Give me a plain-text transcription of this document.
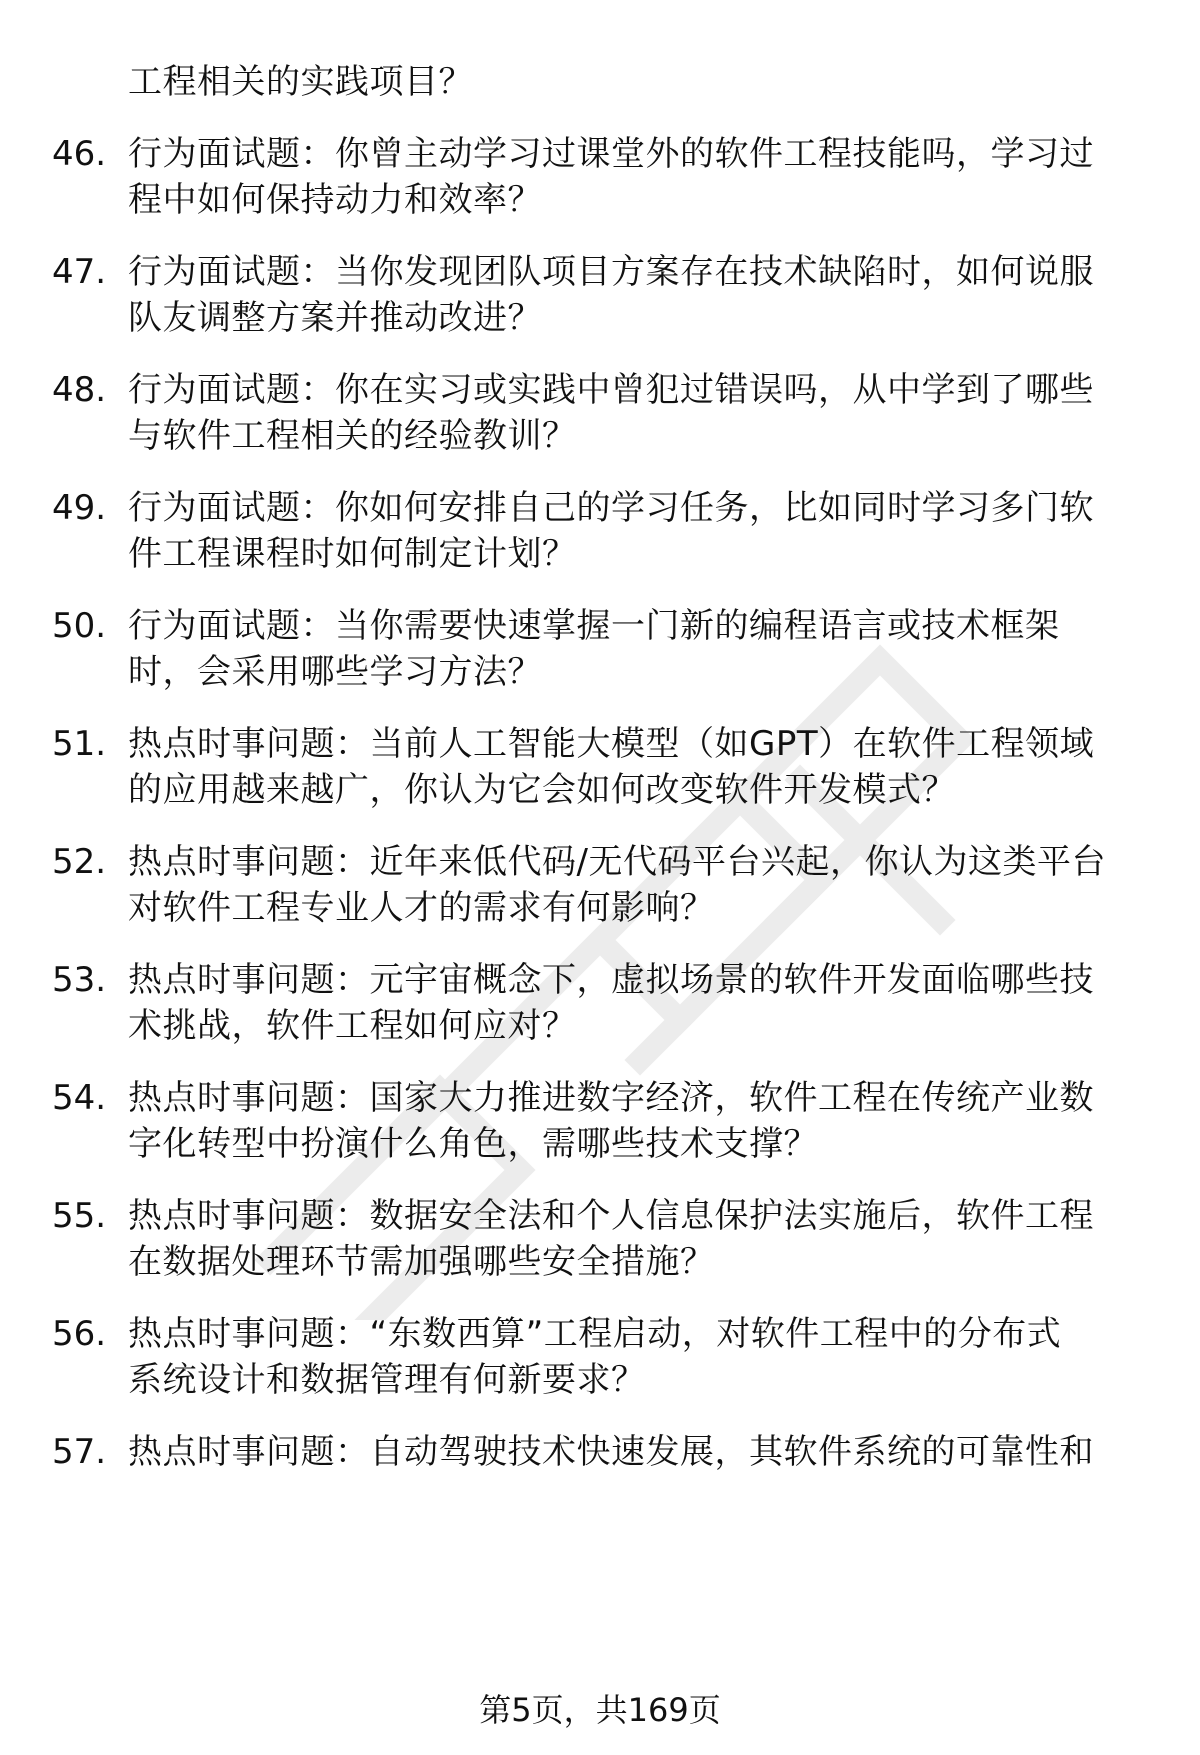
工程相关的实践项目？
46. 行为面试题：你曾主动学习过课堂外的软件工程技能吗，学习过
程中如何保持动力和效率？
47. 行为面试题：当你发现团队项目方案存在技术缺陷时，如何说服
队友调整方案并推动改进？
48. 行为面试题：你在实习或实践中曾犯过错误吗，从中学到了哪些
与软件工程相关的经验教训？
49. 行为面试题：你如何安排自己的学习任务，比如同时学习多门软
件工程课程时如何制定计划？
50. 行为面试题：当你需要快速掌握一门新的编程语言或技术框架
时，会采用哪些学习方法？
51. 热点时事问题：当前人工智能大模型（如GPT）在软件工程领域
的应用越来越广，你认为它会如何改变软件开发模式？
52. 热点时事问题：近年来低代码/无代码平台兴起，你认为这类平台
对软件工程专业人才的需求有何影响？
53. 热点时事问题：元宇宙概念下，虚拟场景的软件开发面临哪些技
术挑战，软件工程如何应对？
54. 热点时事问题：国家大力推进数字经济，软件工程在传统产业数
字化转型中扮演什么角色，需哪些技术支撑？
55. 热点时事问题：数据安全法和个人信息保护法实施后，软件工程
在数据处理环节需加强哪些安全措施？
56. 热点时事问题：“东数西算”工程启动，对软件工程中的分布式
系统设计和数据管理有何新要求？
57. 热点时事问题：自动驾驶技术快速发展，其软件系统的可靠性和
第5页，共169页
